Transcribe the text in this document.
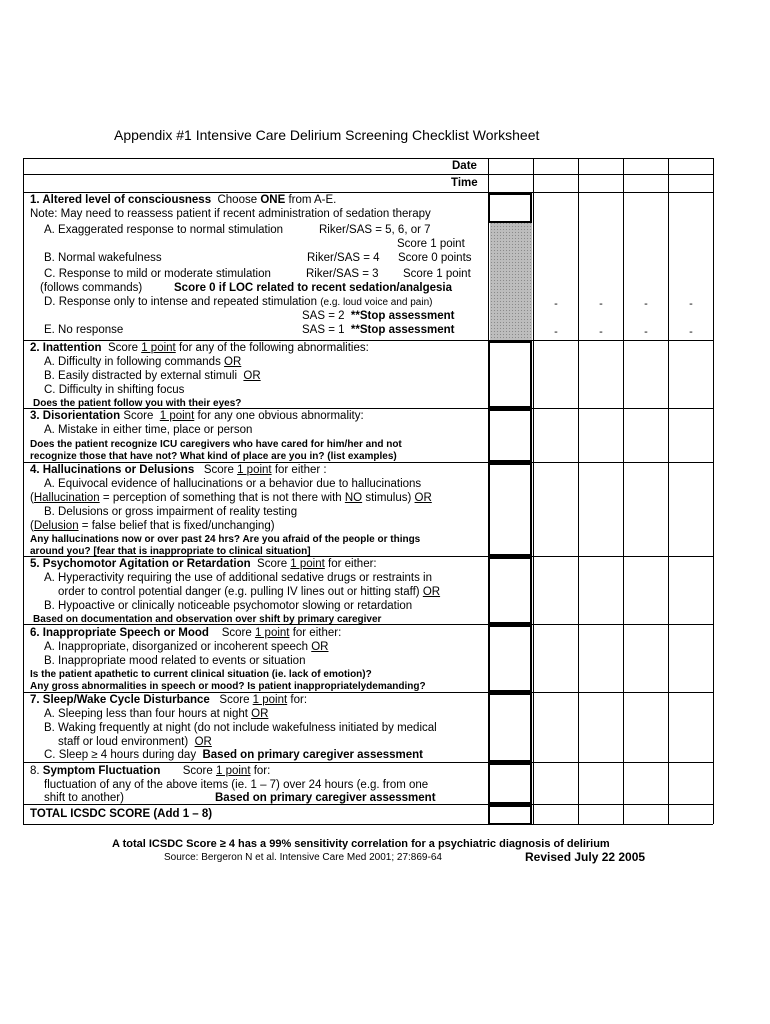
Appendix #1 Intensive Care Delirium Screening Checklist Worksheet
Date
Time
1. Altered level of consciousness Choose ONE from A-E.
Note: May need to reassess patient if recent administration of sedation therapy
A. Exaggerated response to normal stimulation	Riker/SAS = 5, 6, or 7
Score 1 point
B. Normal wakefulness	Riker/SAS = 4 Score 0 points
C. Response to mild or moderate stimulation	Riker/SAS = 3 Score 1 point
(follows commands)	Score 0 if LOC related to recent sedation/analgesia
D. Response only to intense and repeated stimulation (e.g. loud voice and pain)
SAS = 2 **Stop assessment
E. No response	SAS = 1 **Stop assessment
-	-	-	-
-	-	-	-
2. Inattention Score 1 point for any of the following abnormalities:
A. Difficulty in following commands OR
B. Easily distracted by external stimuli OR
C. Difficulty in shifting focus
Does the patient follow you with their eyes?
3. Disorientation Score 1 point for any one obvious abnormality:
A. Mistake in either time, place or person
Does the patient recognize ICU caregivers who have cared for him/her and not
recognize those that have not? What kind of place are you in? (list examples)
4. Hallucinations or Delusions Score 1 point for either :
A. Equivocal evidence of hallucinations or a behavior due to hallucinations
(Hallucination = perception of something that is not there with NO stimulus) OR
B. Delusions or gross impairment of reality testing
(Delusion = false belief that is fixed/unchanging)
Any hallucinations now or over past 24 hrs? Are you afraid of the people or things
around you? [fear that is inappropriate to clinical situation]
5. Psychomotor Agitation or Retardation Score 1 point for either:
A. Hyperactivity requiring the use of additional sedative drugs or restraints in
order to control potential danger (e.g. pulling IV lines out or hitting staff) OR
B. Hypoactive or clinically noticeable psychomotor slowing or retardation
Based on documentation and observation over shift by primary caregiver
6. Inappropriate Speech or Mood Score 1 point for either:
A. Inappropriate, disorganized or incoherent speech OR
B. Inappropriate mood related to events or situation
Is the patient apathetic to current clinical situation (ie. lack of emotion)?
Any gross abnormalities in speech or mood? Is patient inappropriatelydemanding?
7. Sleep/Wake Cycle Disturbance Score 1 point for:
A. Sleeping less than four hours at night OR
B. Waking frequently at night (do not include wakefulness initiated by medical
staff or loud environment) OR
C. Sleep ≥ 4 hours during day Based on primary caregiver assessment
8. Symptom Fluctuation Score 1 point for:
fluctuation of any of the above items (ie. 1 – 7) over 24 hours (e.g. from one
shift to another)	Based on primary caregiver assessment
TOTAL ICSDC SCORE (Add 1 – 8)
A total ICSDC Score ≥ 4 has a 99% sensitivity correlation for a psychiatric diagnosis of delirium
Source: Bergeron N et al. Intensive Care Med 2001; 27:869-64	Revised July 22 2005
